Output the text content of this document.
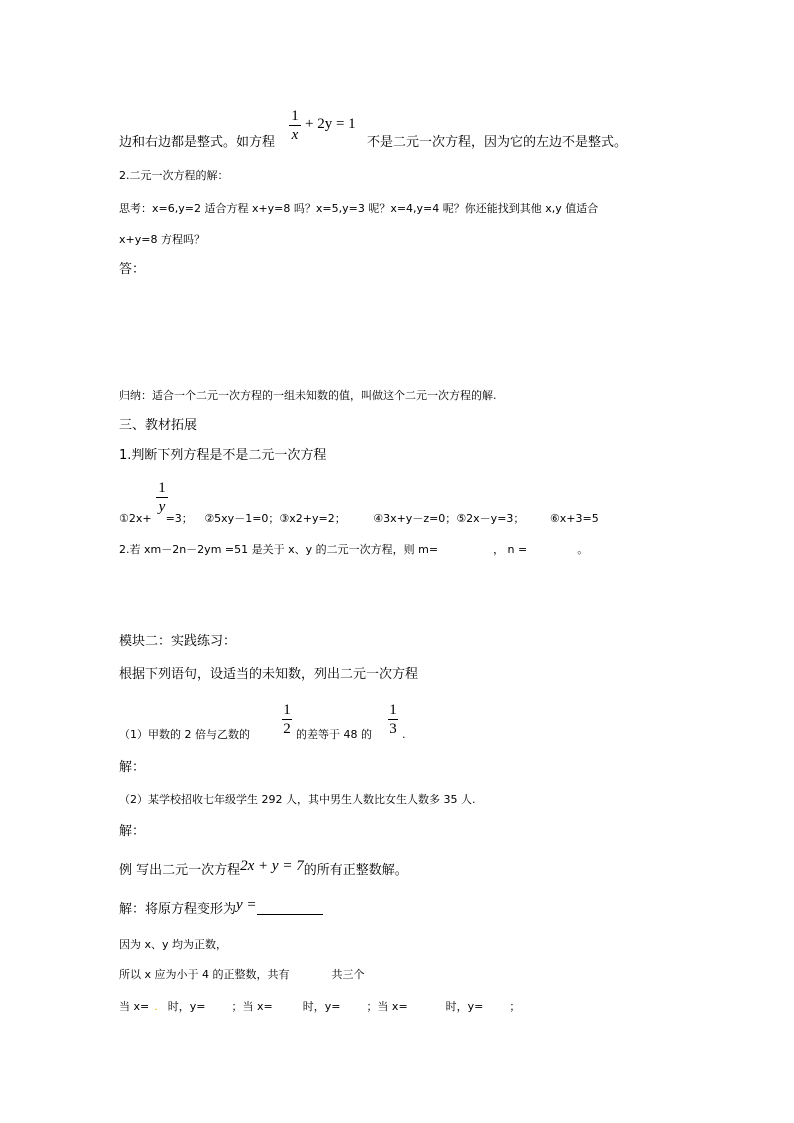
边和右边都是整式。如方程
1
x
+ 2y = 1
不是二元一次方程，因为它的左边不是整式。
2.二元一次方程的解：
思考：x=6,y=2 适合方程 x+y=8 吗？x=5,y=3 呢？x=4,y=4 呢？你还能找到其他 x,y 值适合
x+y=8 方程吗？
答：
归纳：适合一个二元一次方程的一组未知数的值，叫做这个二元一次方程的解.
三、教材拓展
1.判断下列方程是不是二元一次方程
1
y
①2x+ =3； ②5xy－1=0；③x2+y=2；	④3x+y－z=0；⑤2x－y=3； ⑥x+3=5
2.若 xm－2n－2ym =51 是关于 x、y 的二元一次方程，则 m=	， n =	。
模块二：实践练习：
根据下列语句，设适当的未知数，列出二元一次方程
（1）甲数的 2 倍与乙数的
1
2 的差等于 48 的
1
3 .
解：
（2）某学校招收七年级学生 292 人，其中男生人数比女生人数多 35 人.
解：
例 写出二元一次方程2x + y = 7的所有正整数解。
解：将原方程变形为y =
因为 x、y 均为正数，
所以 x 应为小于 4 的正整数，共有	共三个
当 x= . 时，y= ；当 x=	时，y= ；当 x=	时，y= ；
